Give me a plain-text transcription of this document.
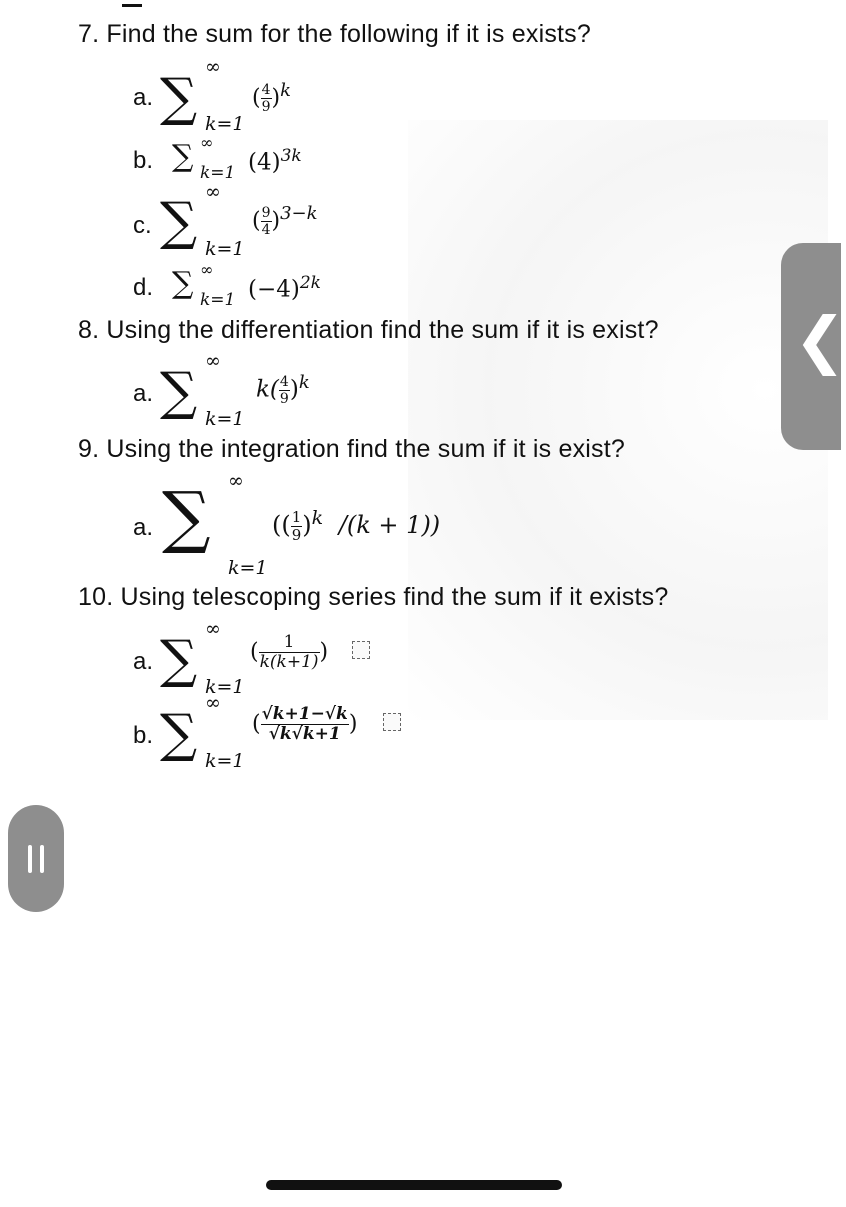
7. Find the sum for the following if it is exists?
a. ∑
∞
k=1
( $\frac{4}{9} )^k$
b. ∑ ∞
k=1 $(4)^{3k}$
c. ∑ ∞
k=1
( $\frac{9}{4} )^{3-k}$
d. ∑ ∞
k=1 $(-4)^{2k}$
8. Using the differentiation find the sum if it is exist?
a. ∑
∞
k=1
$k( \frac{4}{9} )^k$
9. Using the integration find the sum if it is exist?
a. ∑ ∞
k=1
(( $\frac{1}{9} )^k$ /(k + 1))
10. Using telescoping series find the sum if it exists?
a. ∑
∞
k=1
( $\frac{1}{k(k+1)}$ )
b. ∑
∞
k=1
( $\frac{√k+1-√k}{√k√k+1}$ )
❮
